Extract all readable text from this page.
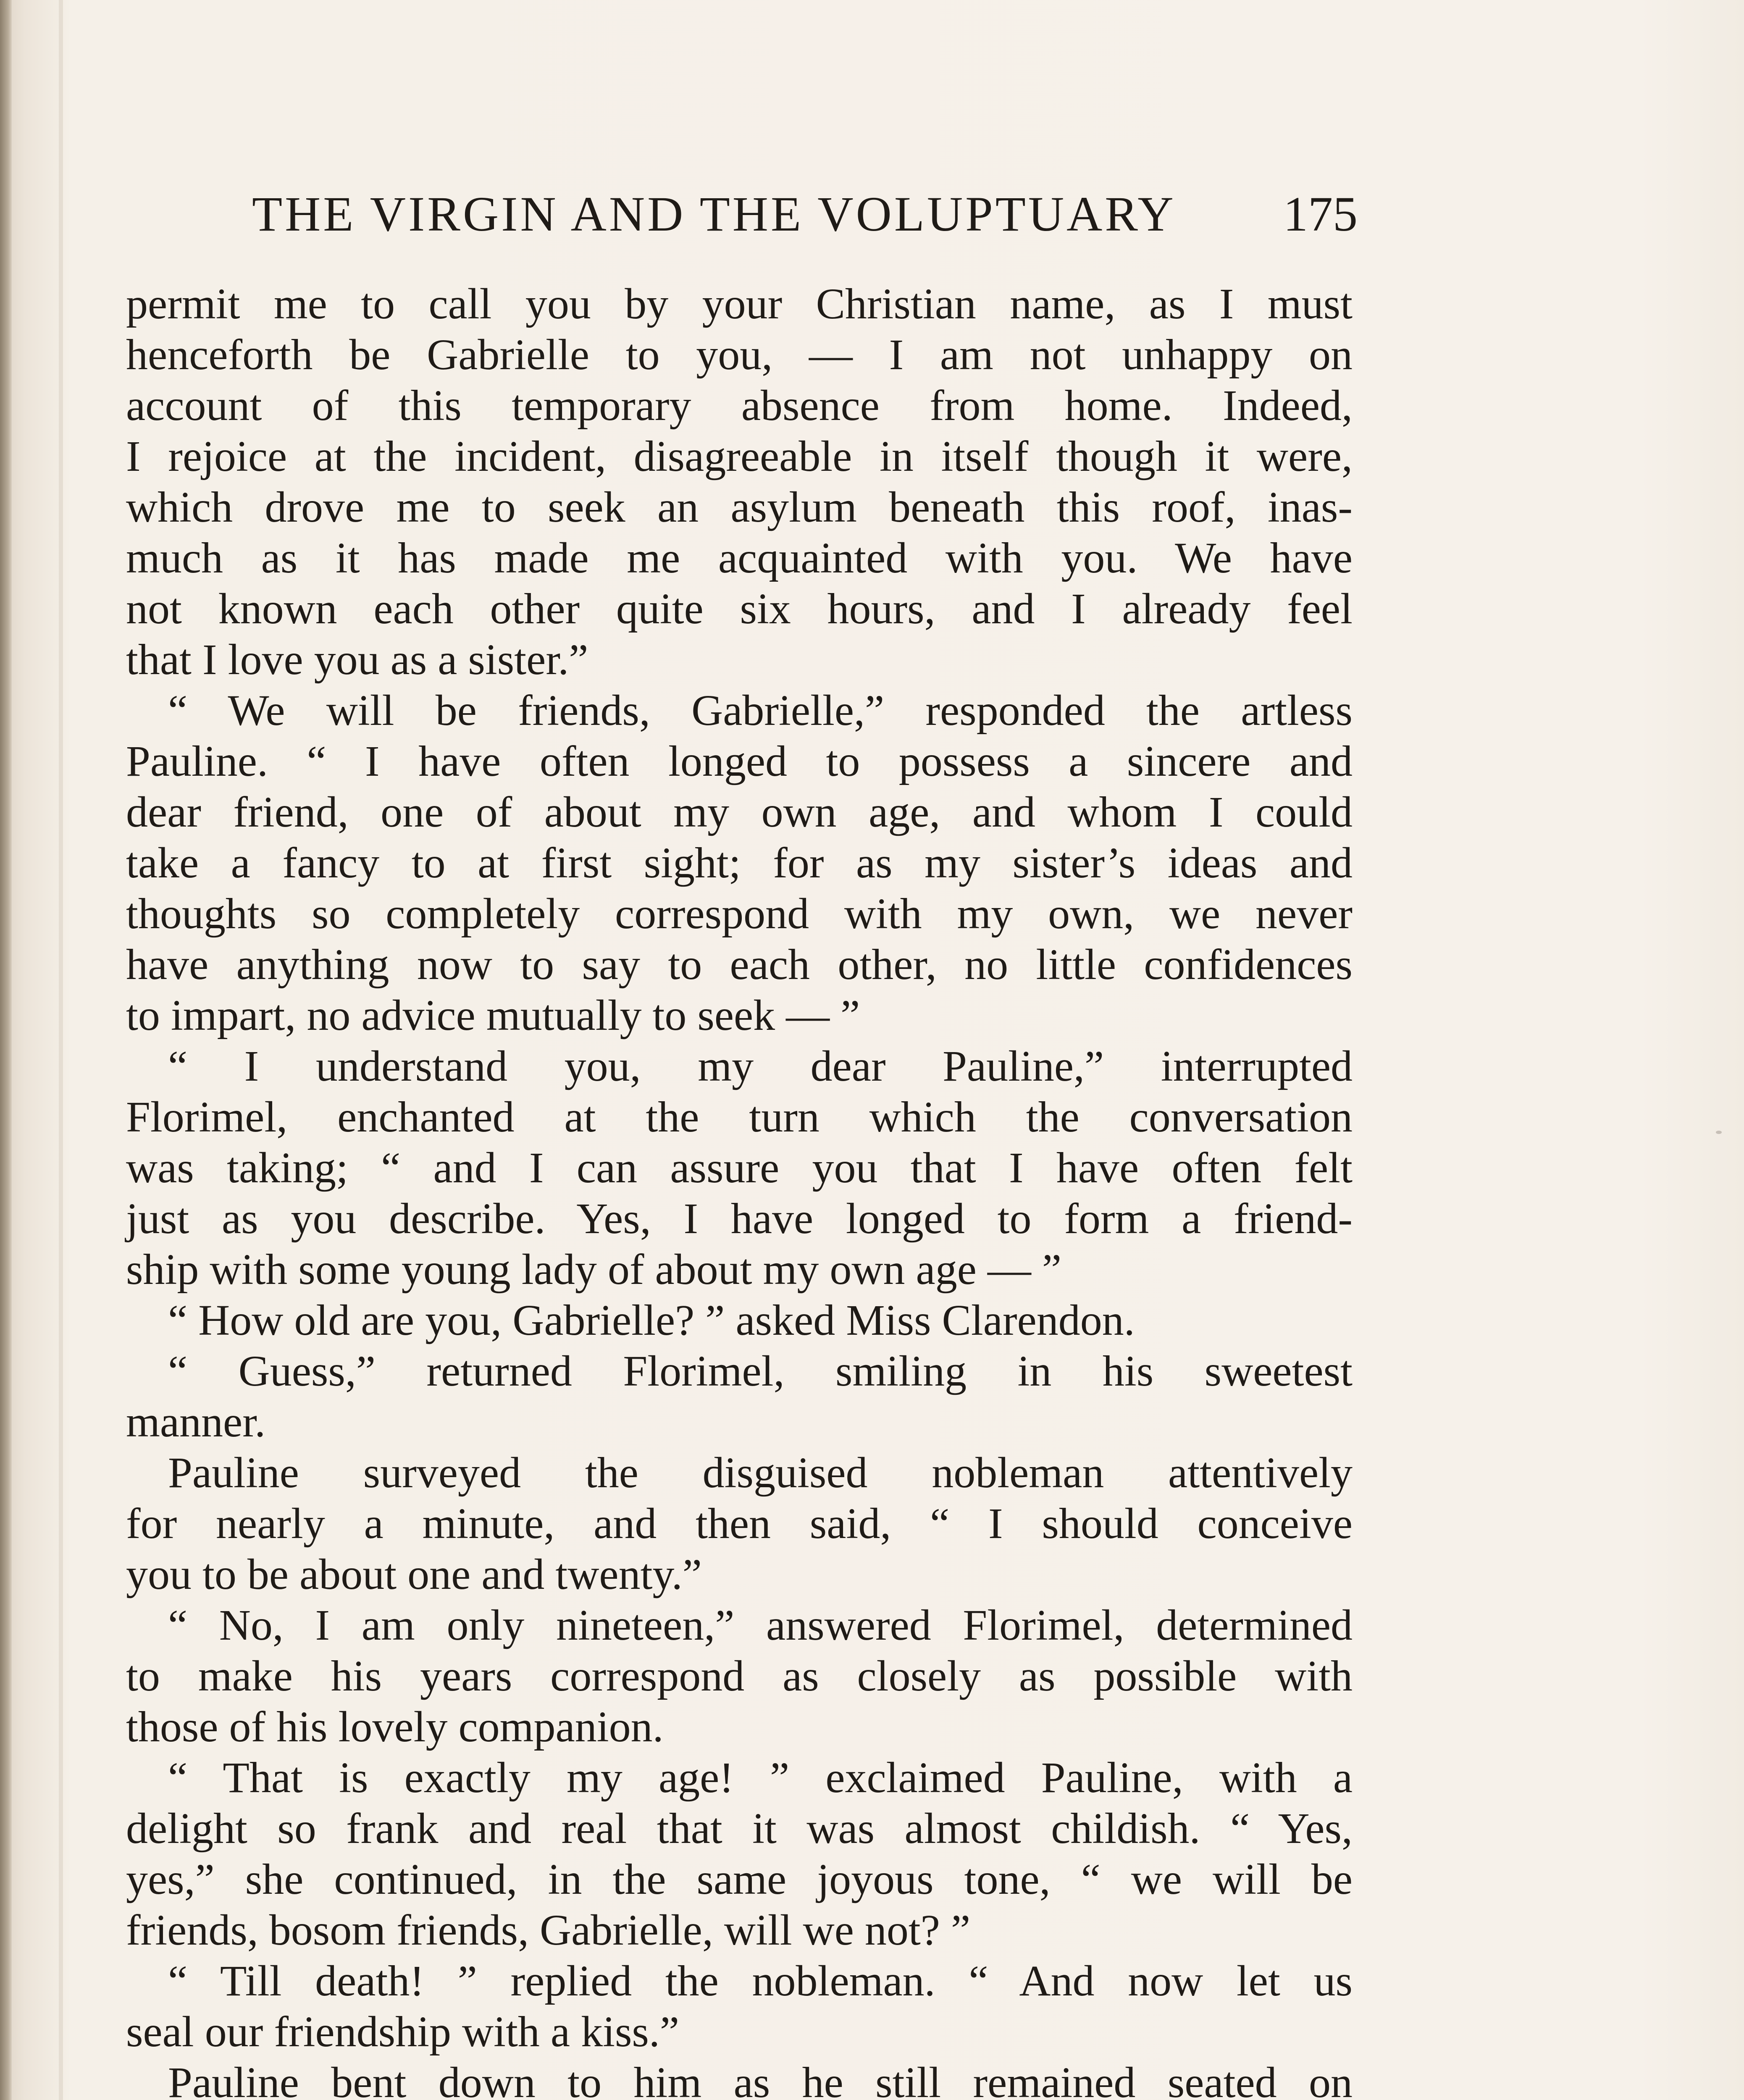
THE VIRGIN AND THE VOLUPTUARY	175
permit me to call you by your Christian name, as I must
henceforth be Gabrielle to you, — I am not unhappy on
account of this temporary absence from home. Indeed,
I rejoice at the incident, disagreeable in itself though it were,
which drove me to seek an asylum beneath this roof, inas-
much as it has made me acquainted with you. We have
not known each other quite six hours, and I already feel
that I love you as a sister.”
“ We will be friends, Gabrielle,” responded the artless
Pauline. “ I have often longed to possess a sincere and
dear friend, one of about my own age, and whom I could
take a fancy to at first sight; for as my sister’s ideas and
thoughts so completely correspond with my own, we never
have anything now to say to each other, no little confidences
to impart, no advice mutually to seek — ”
“ I understand you, my dear Pauline,” interrupted
Florimel, enchanted at the turn which the conversation
was taking; “ and I can assure you that I have often felt
just as you describe. Yes, I have longed to form a friend-
ship with some young lady of about my own age — ”
“ How old are you, Gabrielle? ” asked Miss Clarendon.
“ Guess,” returned Florimel, smiling in his sweetest
manner.
Pauline surveyed the disguised nobleman attentively
for nearly a minute, and then said, “ I should conceive
you to be about one and twenty.”
“ No, I am only nineteen,” answered Florimel, determined
to make his years correspond as closely as possible with
those of his lovely companion.
“ That is exactly my age! ” exclaimed Pauline, with a
delight so frank and real that it was almost childish. “ Yes,
yes,” she continued, in the same joyous tone, “ we will be
friends, bosom friends, Gabrielle, will we not? ”
“ Till death! ” replied the nobleman. “ And now let us
seal our friendship with a kiss.”
Pauline bent down to him as he still remained seated on
